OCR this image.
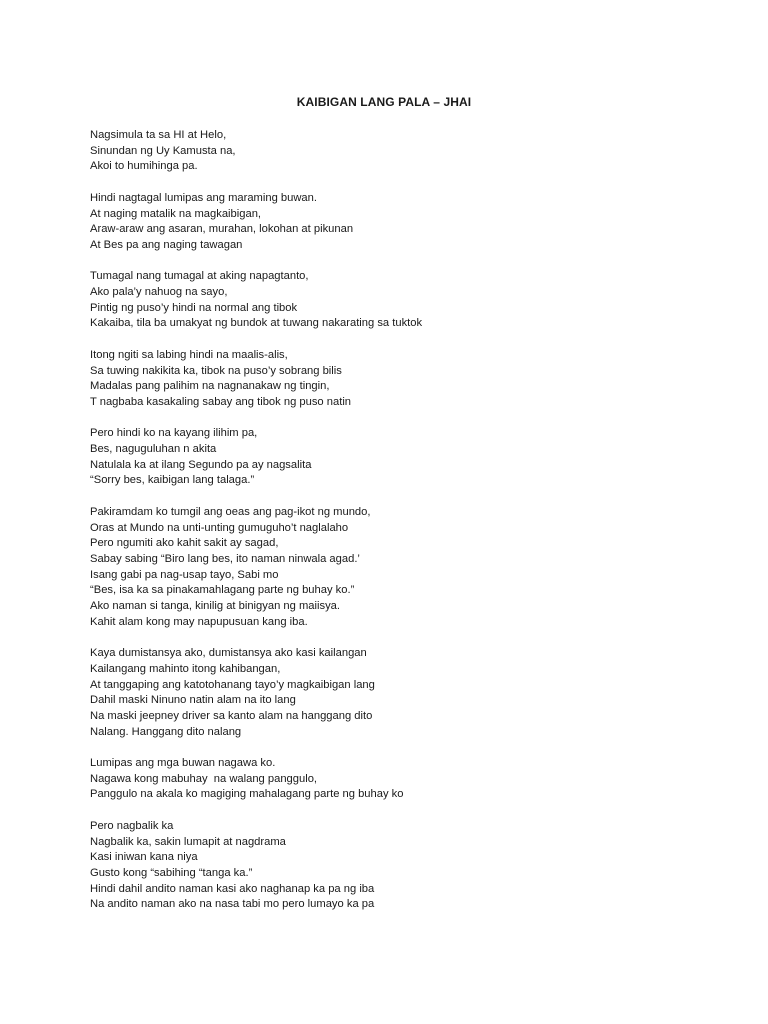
KAIBIGAN LANG PALA – JHAI
Nagsimula ta sa HI at Helo,
Sinundan ng Uy Kamusta na,
Akoi to humihinga pa.
Hindi nagtagal lumipas ang maraming buwan.
At naging matalik na magkaibigan,
Araw-araw ang asaran, murahan, lokohan at pikunan
At Bes pa ang naging tawagan
Tumagal nang tumagal at aking napagtanto,
Ako pala’y nahuog na sayo,
Pintig ng puso’y hindi na normal ang tibok
Kakaiba, tila ba umakyat ng bundok at tuwang nakarating sa tuktok
Itong ngiti sa labing hindi na maalis-alis,
Sa tuwing nakikita ka, tibok na puso’y sobrang bilis
Madalas pang palihim na nagnanakaw ng tingin,
T nagbaba kasakaling sabay ang tibok ng puso natin
Pero hindi ko na kayang ilihim pa,
Bes, naguguluhan n akita
Natulala ka at ilang Segundo pa ay nagsalita
“Sorry bes, kaibigan lang talaga.”
Pakiramdam ko tumgil ang oeas ang pag-ikot ng mundo,
Oras at Mundo na unti-unting gumuguho’t naglalaho
Pero ngumiti ako kahit sakit ay sagad,
Sabay sabing “Biro lang bes, ito naman ninwala agad.’
Isang gabi pa nag-usap tayo, Sabi mo
“Bes, isa ka sa pinakamahlagang parte ng buhay ko.”
Ako naman si tanga, kinilig at binigyan ng maiisya.
Kahit alam kong may napupusuan kang iba.
Kaya dumistansya ako, dumistansya ako kasi kailangan
Kailangang mahinto itong kahibangan,
At tanggaping ang katotohanang tayo’y magkaibigan lang
Dahil maski Ninuno natin alam na ito lang
Na maski jeepney driver sa kanto alam na hanggang dito
Nalang. Hanggang dito nalang
Lumipas ang mga buwan nagawa ko.
Nagawa kong mabuhay  na walang panggulo,
Panggulo na akala ko magiging mahalagang parte ng buhay ko
Pero nagbalik ka
Nagbalik ka, sakin lumapit at nagdrama
Kasi iniwan kana niya
Gusto kong “sabihing “tanga ka.”
Hindi dahil andito naman kasi ako naghanap ka pa ng iba
Na andito naman ako na nasa tabi mo pero lumayo ka pa
